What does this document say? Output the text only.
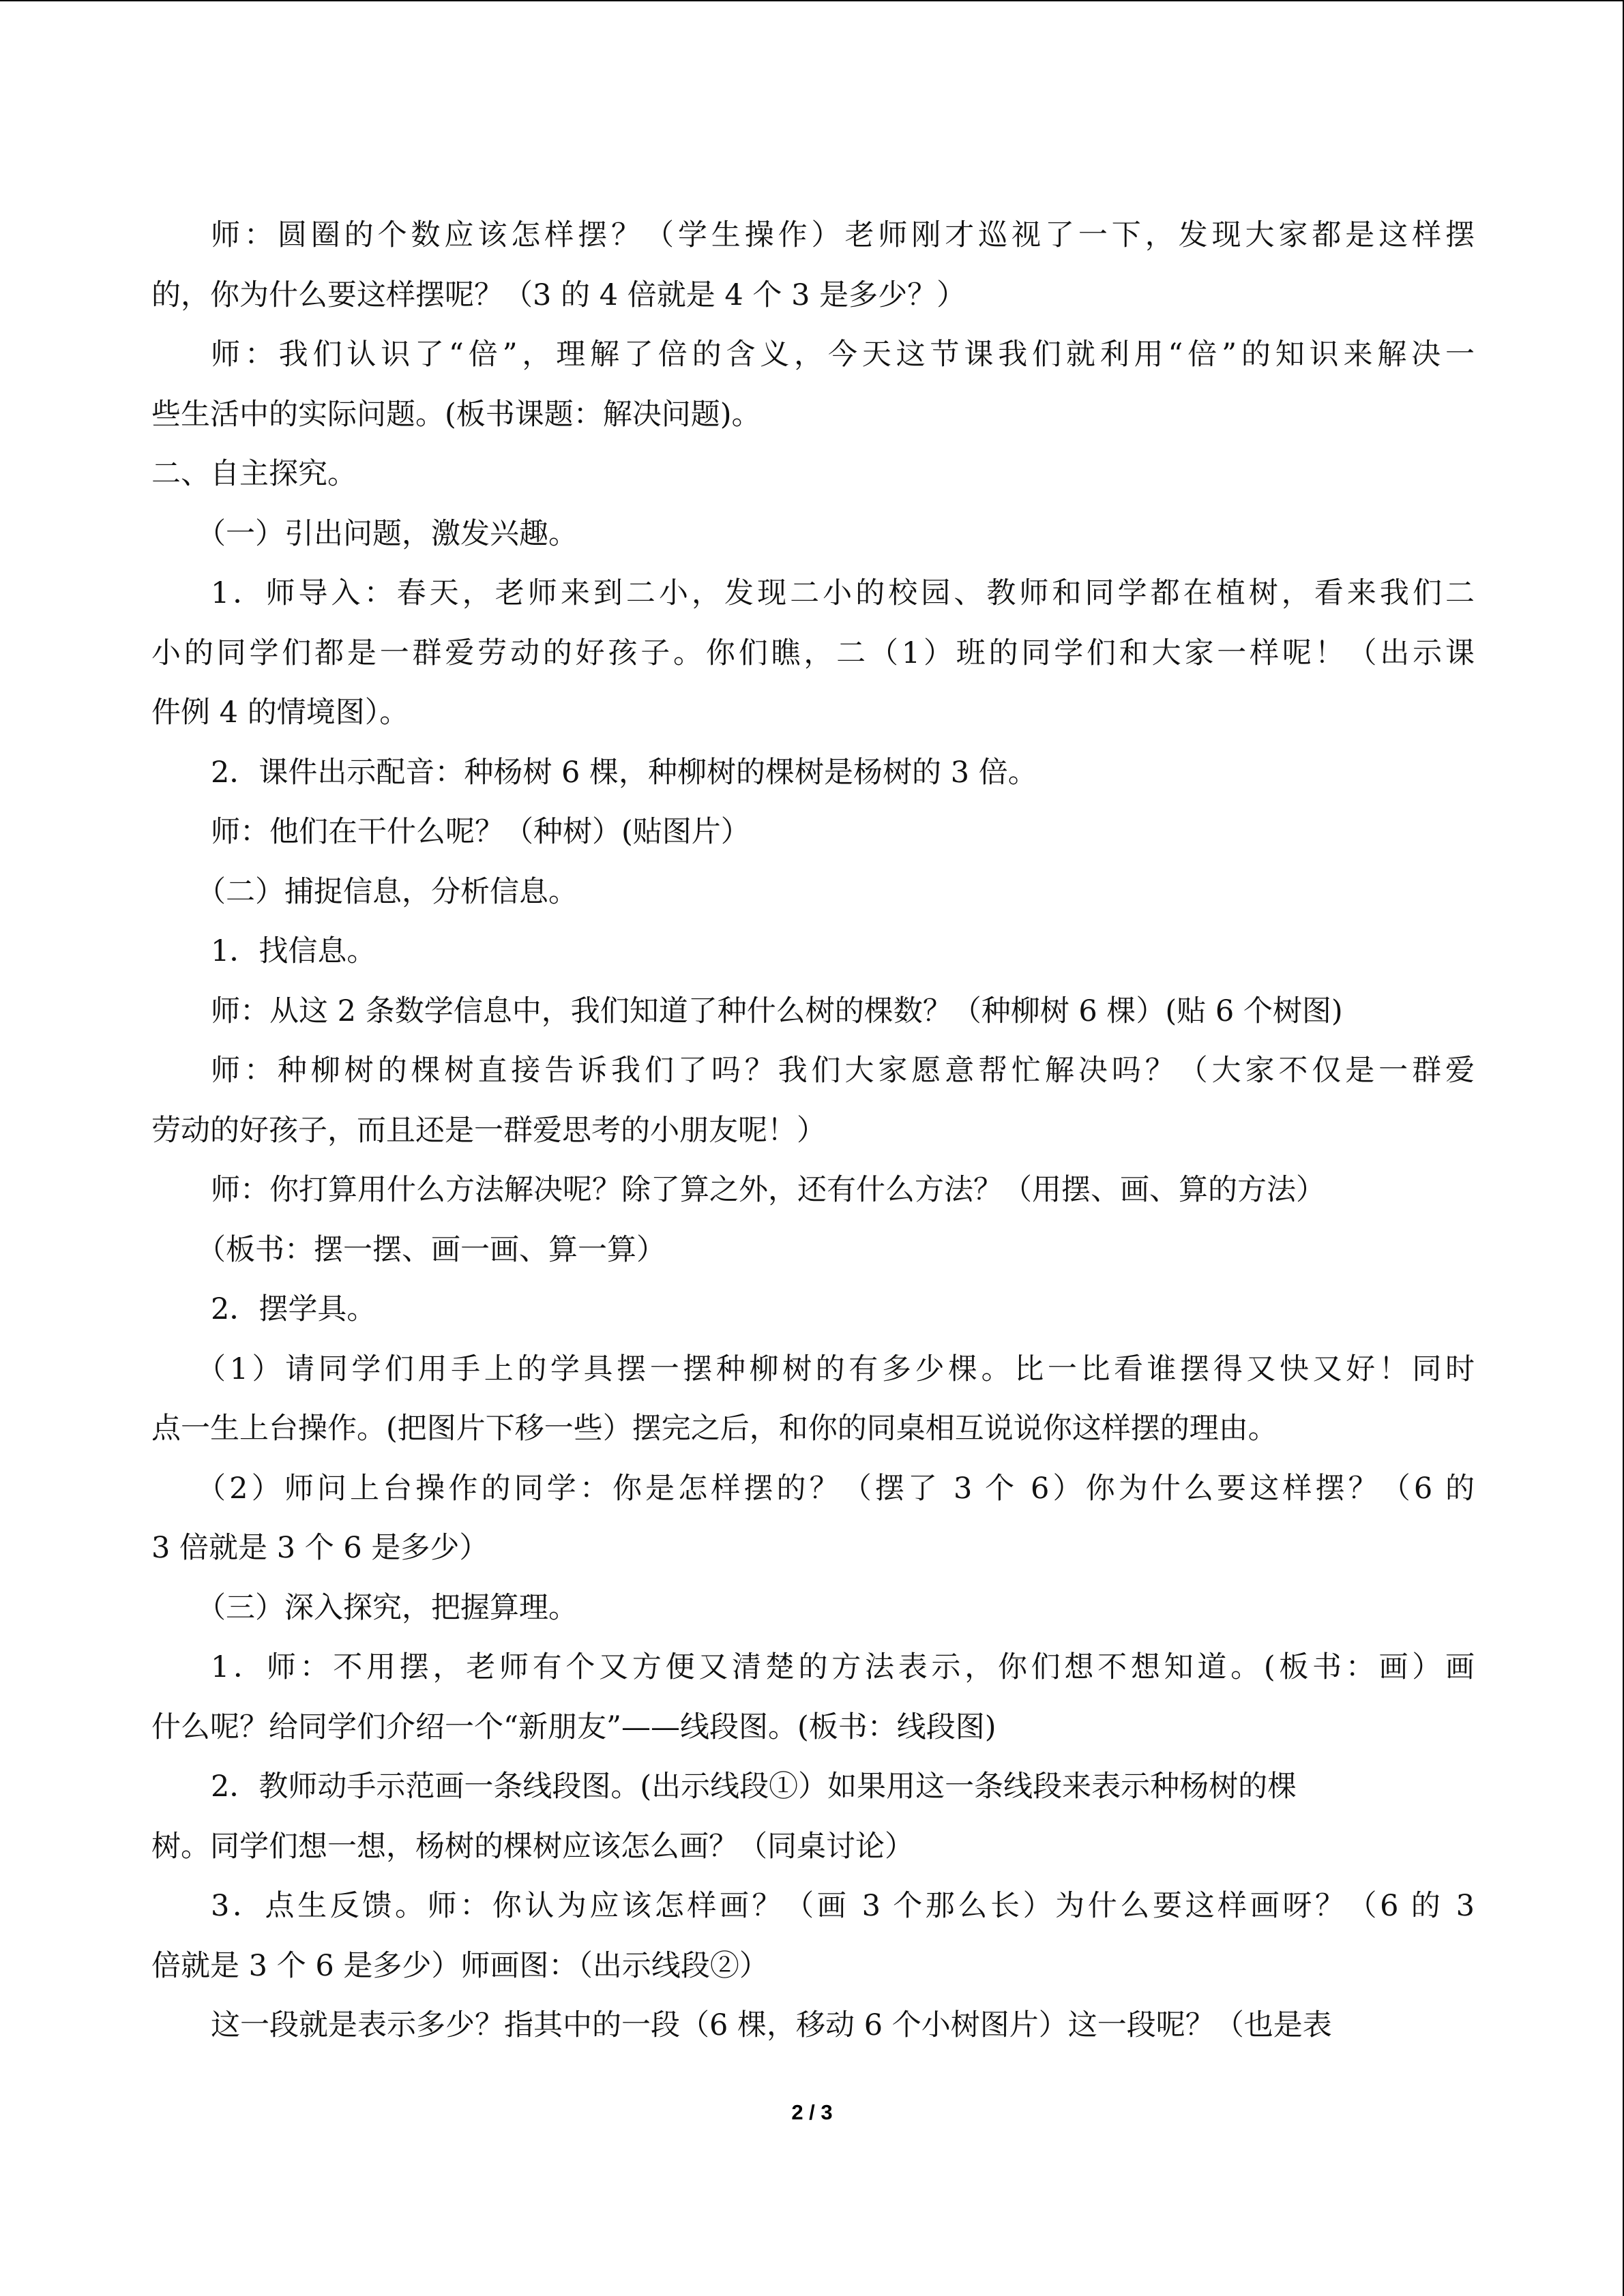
师：圆圈的个数应该怎样摆？（学生操作）老师刚才巡视了一下，发现大家都是这样摆
的，你为什么要这样摆呢？（3 的 4 倍就是 4 个 3 是多少？）
师：我们认识了“倍”，理解了倍的含义，今天这节课我们就利用“倍”的知识来解决一
些生活中的实际问题。(板书课题：解决问题)。
二、自主探究。
（一）引出问题，激发兴趣。
1．师导入：春天，老师来到二小，发现二小的校园、教师和同学都在植树，看来我们二
小的同学们都是一群爱劳动的好孩子。你们瞧，二（1）班的同学们和大家一样呢！（出示课
件例 4 的情境图）。
2．课件出示配音：种杨树 6 棵，种柳树的棵树是杨树的 3 倍。
师：他们在干什么呢？（种树）(贴图片）
（二）捕捉信息，分析信息。
1．找信息。
师：从这 2 条数学信息中，我们知道了种什么树的棵数？（种柳树 6 棵）(贴 6 个树图)
师：种柳树的棵树直接告诉我们了吗？我们大家愿意帮忙解决吗？（大家不仅是一群爱
劳动的好孩子，而且还是一群爱思考的小朋友呢！）
师：你打算用什么方法解决呢？除了算之外，还有什么方法？（用摆、画、算的方法）
（板书：摆一摆、画一画、算一算）
2．摆学具。
（1）请同学们用手上的学具摆一摆种柳树的有多少棵。比一比看谁摆得又快又好！同时
点一生上台操作。(把图片下移一些）摆完之后，和你的同桌相互说说你这样摆的理由。
（2）师问上台操作的同学：你是怎样摆的？（摆了 3 个 6）你为什么要这样摆？（6 的
3 倍就是 3 个 6 是多少）
（三）深入探究，把握算理。
1．师：不用摆，老师有个又方便又清楚的方法表示，你们想不想知道。(板书：画）画
什么呢？给同学们介绍一个“新朋友”——线段图。(板书：线段图)
2．教师动手示范画一条线段图。(出示线段①）如果用这一条线段来表示种杨树的棵
树。同学们想一想，杨树的棵树应该怎么画？（同桌讨论）
3．点生反馈。师：你认为应该怎样画？（画 3 个那么长）为什么要这样画呀？（6 的 3
倍就是 3 个 6 是多少）师画图：（出示线段②）
这一段就是表示多少？指其中的一段（6 棵，移动 6 个小树图片）这一段呢？（也是表
2 / 3
